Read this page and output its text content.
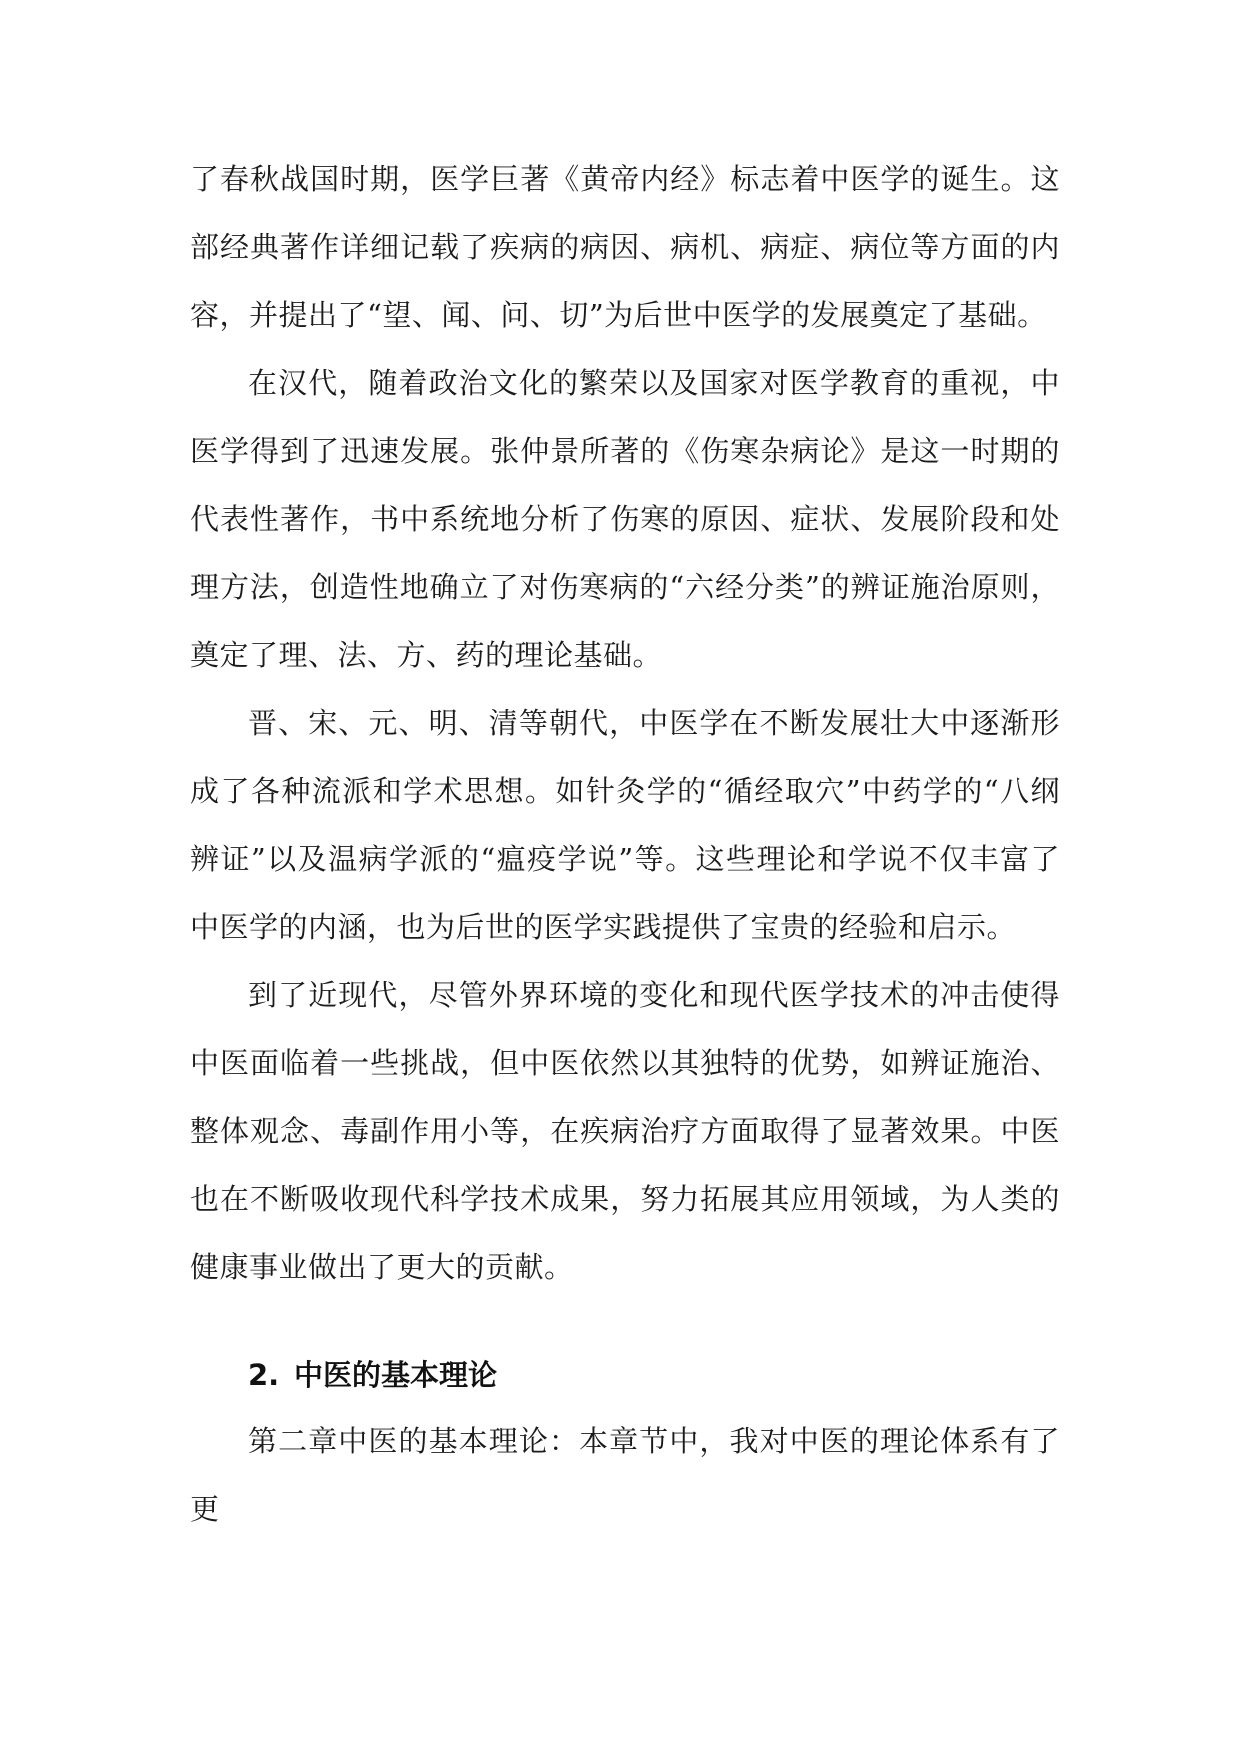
了春秋战国时期，医学巨著《黄帝内经》标志着中医学的诞生。这部经典著作详细记载了疾病的病因、病机、病症、病位等方面的内容，并提出了“望、闻、问、切”为后世中医学的发展奠定了基础。

在汉代，随着政治文化的繁荣以及国家对医学教育的重视，中医学得到了迅速发展。张仲景所著的《伤寒杂病论》是这一时期的代表性著作，书中系统地分析了伤寒的原因、症状、发展阶段和处理方法，创造性地确立了对伤寒病的“六经分类”的辨证施治原则，奠定了理、法、方、药的理论基础。

晋、宋、元、明、清等朝代，中医学在不断发展壮大中逐渐形成了各种流派和学术思想。如针灸学的“循经取穴”中药学的“八纲辨证”以及温病学派的“瘟疫学说”等。这些理论和学说不仅丰富了中医学的内涵，也为后世的医学实践提供了宝贵的经验和启示。

到了近现代，尽管外界环境的变化和现代医学技术的冲击使得中医面临着一些挑战，但中医依然以其独特的优势，如辨证施治、整体观念、毒副作用小等，在疾病治疗方面取得了显著效果。中医也在不断吸收现代科学技术成果，努力拓展其应用领域，为人类的健康事业做出了更大的贡献。

2. 中医的基本理论

第二章中医的基本理论：本章节中，我对中医的理论体系有了更
